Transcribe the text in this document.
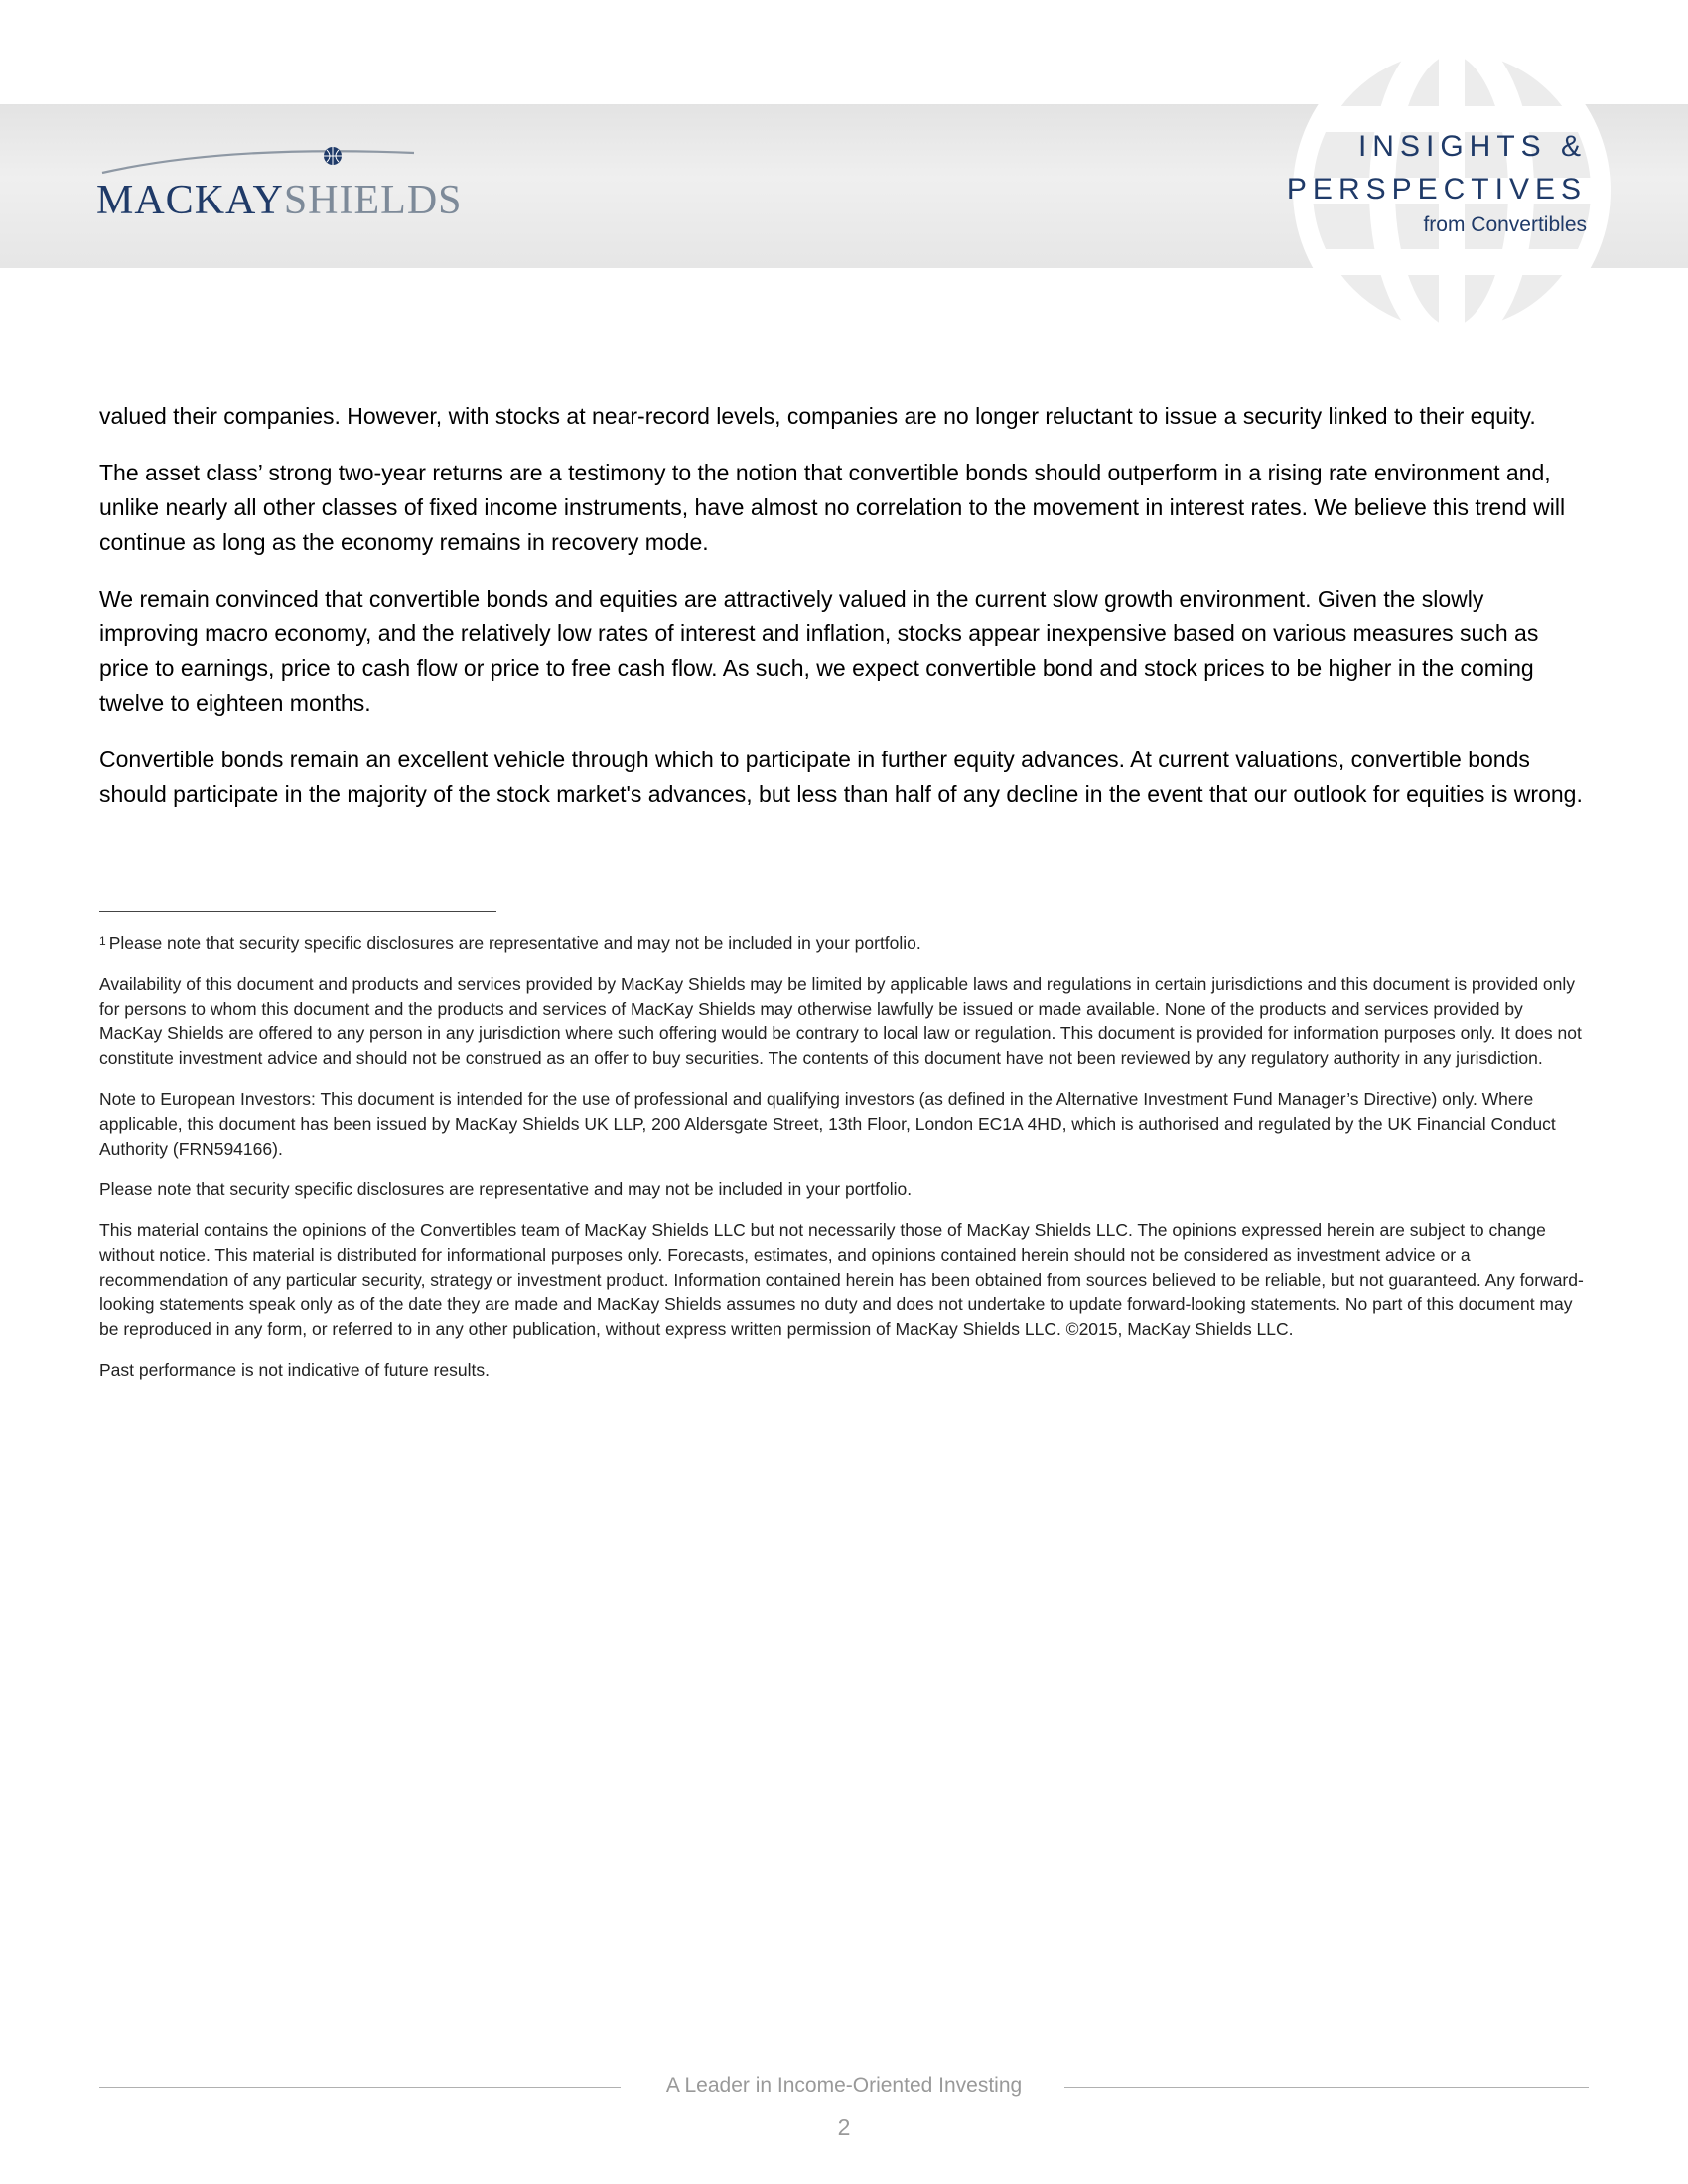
MACKAYSHIELDS
INSIGHTS &
PERSPECTIVES
from Convertibles

valued their companies. However, with stocks at near-record levels, companies are no longer reluctant to issue a security linked to their equity.

The asset class’ strong two-year returns are a testimony to the notion that convertible bonds should outperform in a rising rate environment and, unlike nearly all other classes of fixed income instruments, have almost no correlation to the movement in interest rates. We believe this trend will continue as long as the economy remains in recovery mode.

We remain convinced that convertible bonds and equities are attractively valued in the current slow growth environment. Given the slowly improving macro economy, and the relatively low rates of interest and inflation, stocks appear inexpensive based on various measures such as price to earnings, price to cash flow or price to free cash flow. As such, we expect convertible bond and stock prices to be higher in the coming twelve to eighteen months.

Convertible bonds remain an excellent vehicle through which to participate in further equity advances. At current valuations, convertible bonds should participate in the majority of the stock market's advances, but less than half of any decline in the event that our outlook for equities is wrong.

$^1$ Please note that security specific disclosures are representative and may not be included in your portfolio.

Availability of this document and products and services provided by MacKay Shields may be limited by applicable laws and regulations in certain jurisdictions and this document is provided only for persons to whom this document and the products and services of MacKay Shields may otherwise lawfully be issued or made available. None of the products and services provided by MacKay Shields are offered to any person in any jurisdiction where such offering would be contrary to local law or regulation. This document is provided for information purposes only. It does not constitute investment advice and should not be construed as an offer to buy securities. The contents of this document have not been reviewed by any regulatory authority in any jurisdiction.

Note to European Investors: This document is intended for the use of professional and qualifying investors (as defined in the Alternative Investment Fund Manager’s Directive) only. Where applicable, this document has been issued by MacKay Shields UK LLP, 200 Aldersgate Street, 13th Floor, London EC1A 4HD, which is authorised and regulated by the UK Financial Conduct Authority (FRN594166).

Please note that security specific disclosures are representative and may not be included in your portfolio.

This material contains the opinions of the Convertibles team of MacKay Shields LLC but not necessarily those of MacKay Shields LLC. The opinions expressed herein are subject to change without notice. This material is distributed for informational purposes only. Forecasts, estimates, and opinions contained herein should not be considered as investment advice or a recommendation of any particular security, strategy or investment product. Information contained herein has been obtained from sources believed to be reliable, but not guaranteed. Any forward-looking statements speak only as of the date they are made and MacKay Shields assumes no duty and does not undertake to update forward-looking statements. No part of this document may be reproduced in any form, or referred to in any other publication, without express written permission of MacKay Shields LLC. ©2015, MacKay Shields LLC.

Past performance is not indicative of future results.

A Leader in Income-Oriented Investing
2
